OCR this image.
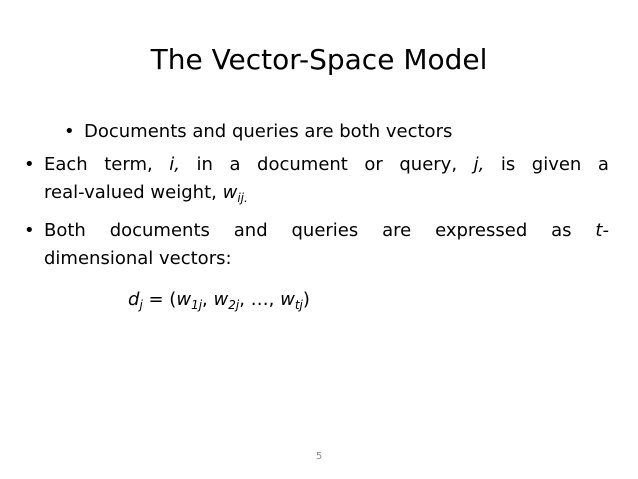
The Vector-Space Model
• Documents and queries are both vectors
• Each term, i, in a document or query, j, is given a
real-valued weight, $w_{ij.}$
• Both documents and queries are expressed as t-
dimensional vectors:
$d_j = (w_{1j}$, $w_{2j}$, …, $w_{tj}$)
5
